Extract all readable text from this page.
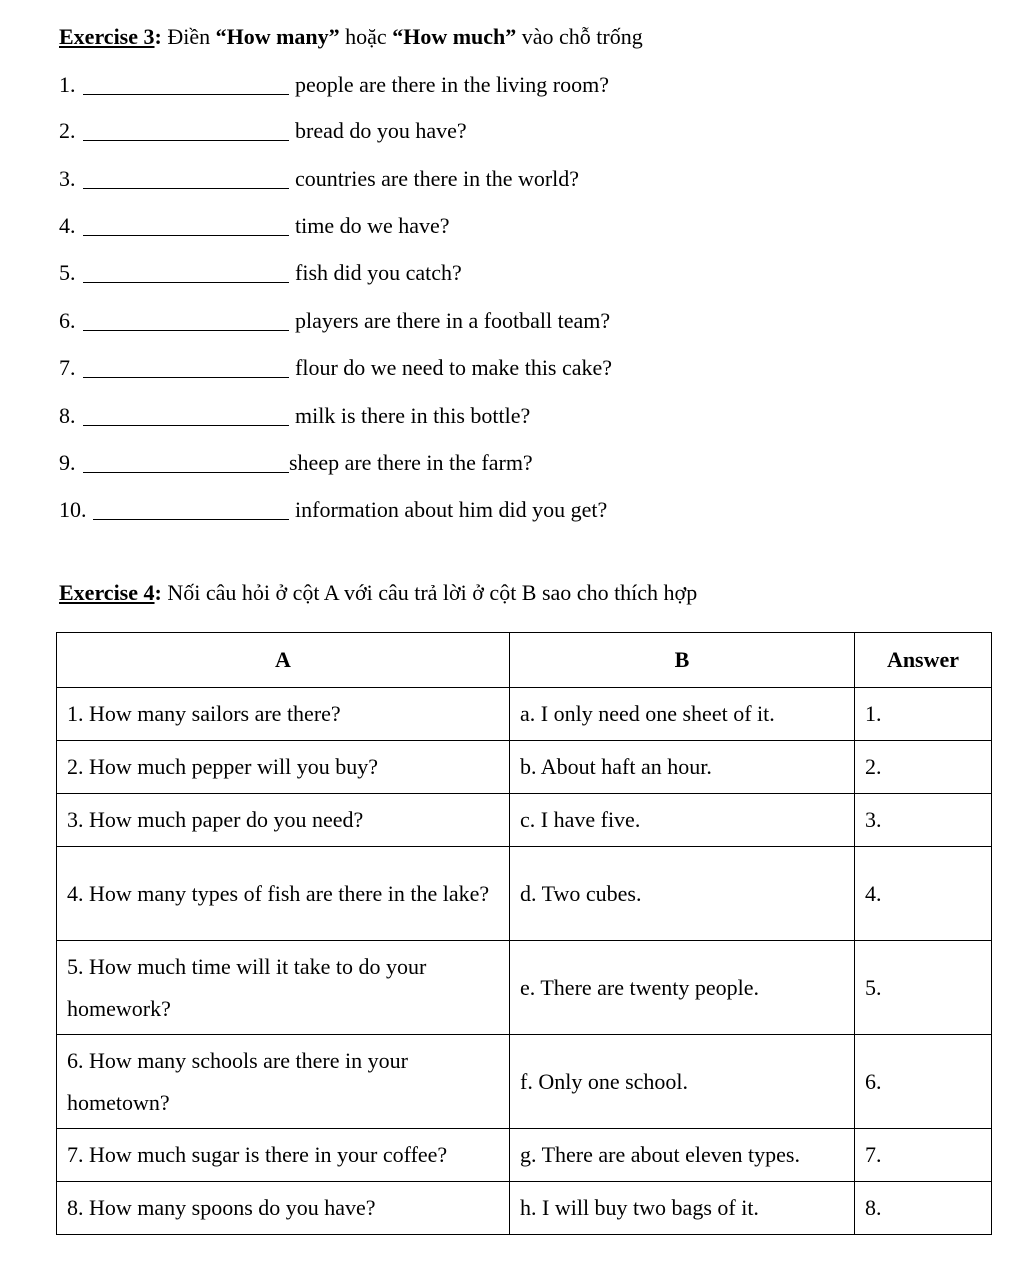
Exercise 3: Điền “How many” hoặc “How much” vào chỗ trống
1.	people are there in the living room?
2.	bread do you have?
3.	countries are there in the world?
4.	time do we have?
5.	fish did you catch?
6.	players are there in a football team?
7.	flour do we need to make this cake?
8.	milk is there in this bottle?
9.	sheep are there in the farm?
10.	information about him did you get?
Exercise 4: Nối câu hỏi ở cột A với câu trả lời ở cột B sao cho thích hợp
A	B	Answer
1. How many sailors are there?	a. I only need one sheet of it.	1.
2. How much pepper will you buy?	b. About haft an hour.	2.
3. How much paper do you need?	c. I have five.	3.
4. How many types of fish are there in the lake?	d. Two cubes.	4.
5. How much time will it take to do your homework?	e. There are twenty people.	5.
6. How many schools are there in your hometown?	f. Only one school.	6.
7. How much sugar is there in your coffee?	g. There are about eleven types.	7.
8. How many spoons do you have?	h. I will buy two bags of it.	8.
